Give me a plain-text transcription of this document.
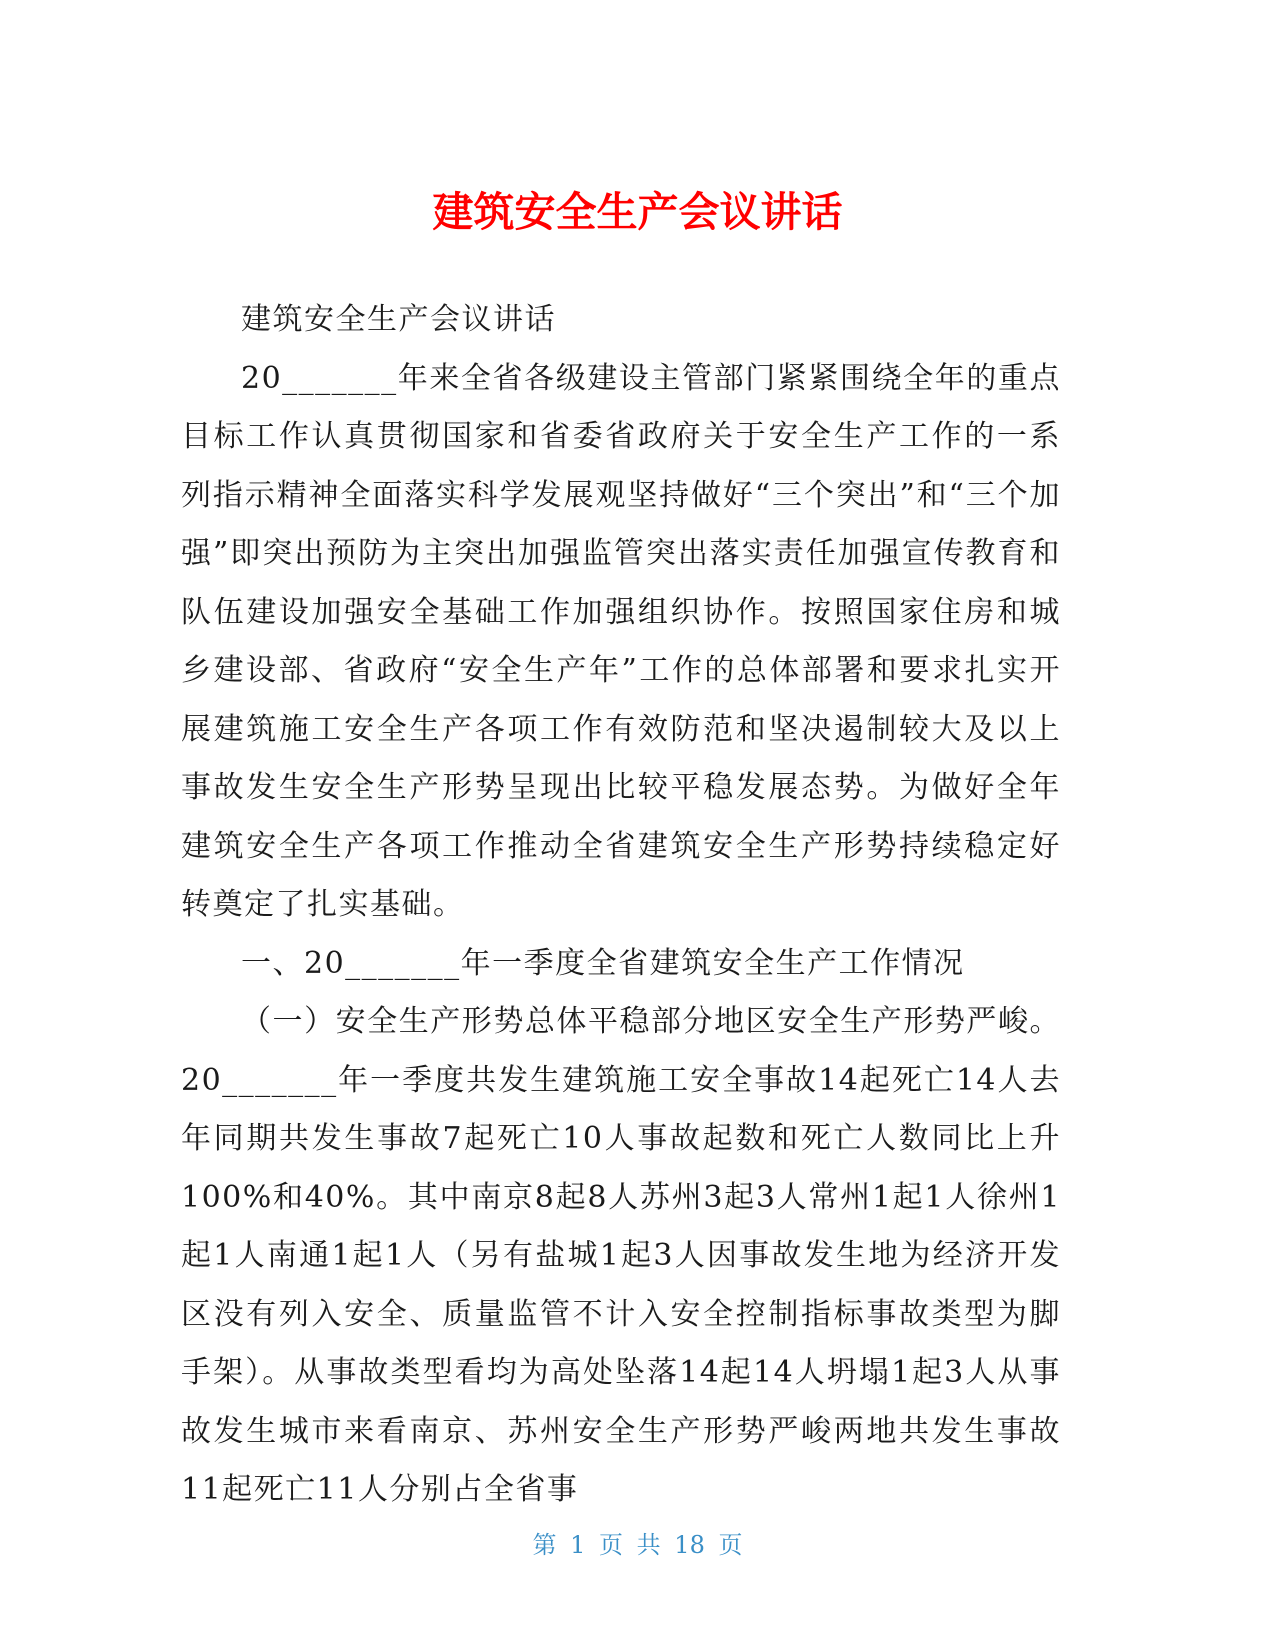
建筑安全生产会议讲话

建筑安全生产会议讲话

20_______年来全省各级建设主管部门紧紧围绕全年的重点目标工作认真贯彻国家和省委省政府关于安全生产工作的一系列指示精神全面落实科学发展观坚持做好“三个突出”和“三个加强”即突出预防为主突出加强监管突出落实责任加强宣传教育和队伍建设加强安全基础工作加强组织协作。按照国家住房和城乡建设部、省政府“安全生产年”工作的总体部署和要求扎实开展建筑施工安全生产各项工作有效防范和坚决遏制较大及以上事故发生安全生产形势呈现出比较平稳发展态势。为做好全年建筑安全生产各项工作推动全省建筑安全生产形势持续稳定好转奠定了扎实基础。

一、20_______年一季度全省建筑安全生产工作情况

（一）安全生产形势总体平稳部分地区安全生产形势严峻。20_______年一季度共发生建筑施工安全事故14起死亡14人去年同期共发生事故7起死亡10人事故起数和死亡人数同比上升100%和40%。其中南京8起8人苏州3起3人常州1起1人徐州1起1人南通1起1人（另有盐城1起3人因事故发生地为经济开发区没有列入安全、质量监管不计入安全控制指标事故类型为脚手架）。从事故类型看均为高处坠落14起14人坍塌1起3人从事故发生城市来看南京、苏州安全生产形势严峻两地共发生事故11起死亡11人分别占全省事

第 1 页 共 18 页
